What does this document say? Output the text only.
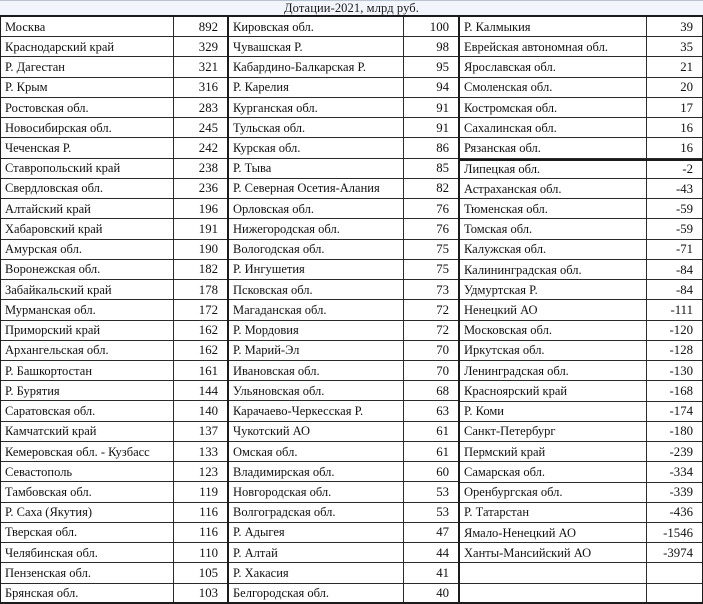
Дотации-2021, млрд руб.
Москва	892
Краснодарский край	329
Р. Дагестан	321
Р. Крым	316
Ростовская обл.	283
Новосибирская обл.	245
Чеченская Р.	242
Ставропольский край	238
Свердловская обл.	236
Алтайский край	196
Хабаровский край	191
Амурская обл.	190
Воронежская обл.	182
Забайкальский край	178
Мурманская обл.	172
Приморский край	162
Архангельская обл.	162
Р. Башкортостан	161
Р. Бурятия	144
Саратовская обл.	140
Камчатский край	137
Кемеровская обл. - Кузбасс	133
Севастополь	123
Тамбовская обл.	119
Р. Саха (Якутия)	116
Тверская обл.	116
Челябинская обл.	110
Пензенская обл.	105
Брянская обл.	103
Кировская обл.	100
Чувашская Р.	98
Кабардино-Балкарская Р.	95
Р. Карелия	94
Курганская обл.	91
Тульская обл.	91
Курская обл.	86
Р. Тыва	85
Р. Северная Осетия-Алания	82
Орловская обл.	76
Нижегородская обл.	76
Вологодская обл.	75
Р. Ингушетия	75
Псковская обл.	73
Магаданская обл.	72
Р. Мордовия	72
Р. Марий-Эл	70
Ивановская обл.	70
Ульяновская обл.	68
Карачаево-Черкесская Р.	63
Чукотский АО	61
Омская обл.	61
Владимирская обл.	60
Новгородская обл.	53
Волгоградская обл.	53
Р. Адыгея	47
Р. Алтай	44
Р. Хакасия	41
Белгородская обл.	40
Р. Калмыкия	39
Еврейская автономная обл.	35
Ярославская обл.	21
Смоленская обл.	20
Костромская обл.	17
Сахалинская обл.	16
Рязанская обл.	16
Липецкая обл.	-2
Астраханская обл.	-43
Тюменская обл.	-59
Томская обл.	-59
Калужская обл.	-71
Калининградская обл.	-84
Удмуртская Р.	-84
Ненецкий АО	-111
Московская обл.	-120
Иркутская обл.	-128
Ленинградская обл.	-130
Красноярский край	-168
Р. Коми	-174
Санкт-Петербург	-180
Пермский край	-239
Самарская обл.	-334
Оренбургская обл.	-339
Р. Татарстан	-436
Ямало-Ненецкий АО	-1546
Ханты-Мансийский АО	-3974
